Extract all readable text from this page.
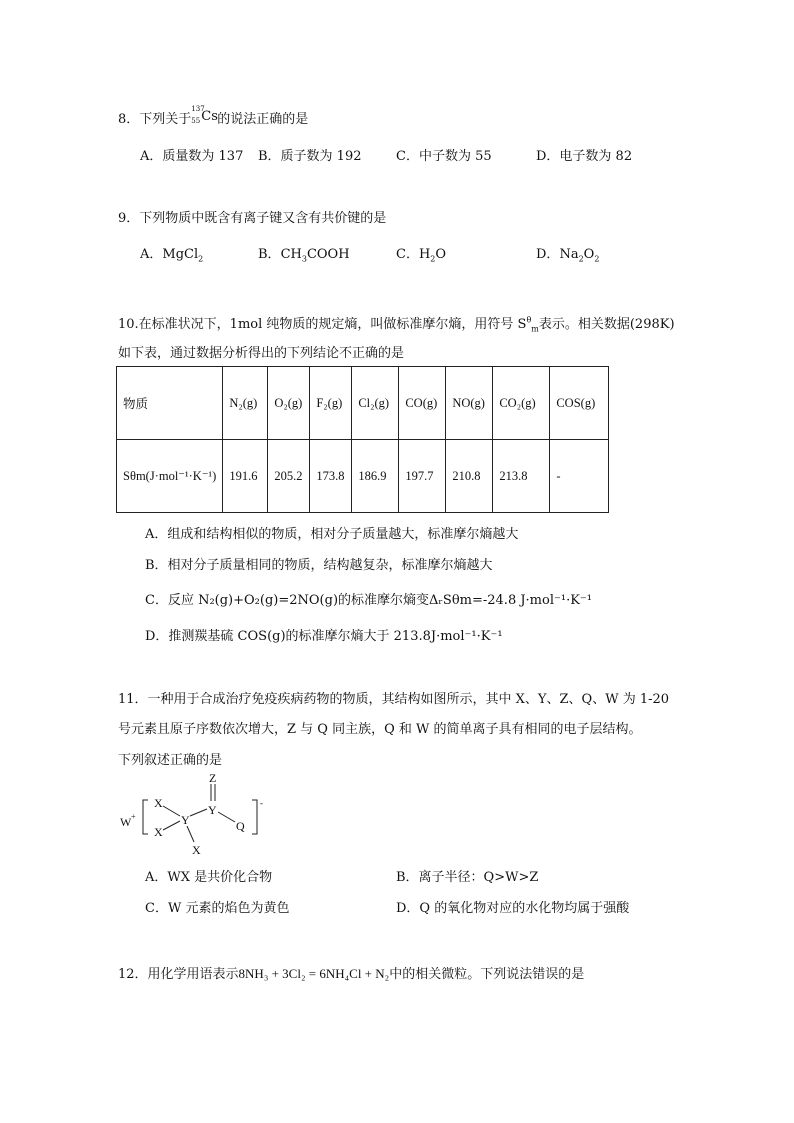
8．下列关于
137
55 Cs 的说法正确的是
A．质量数为 137 B．质子数为 192	C．中子数为 55	D．电子数为 82
9．下列物质中既含有离子键又含有共价键的是
A．MgCl$_2$	B．$CH_3COOH$	C．$H_2O$	D．$Na_2O_2$
10.在标准状况下，1mol 纯物质的规定熵，叫做标准摩尔熵，用符号 $S^\theta_m$表示。相关数据(298K)
如下表，通过数据分析得出的下列结论不正确的是
物质	N₂(g)	O₂(g)	F₂(g)	Cl₂(g)	CO(g)	NO(g)	CO₂(g)	COS(g)
Sθm(J·mol⁻¹·K⁻¹)	191.6	205.2	173.8	186.9	197.7	210.8	213.8	-
A．组成和结构相似的物质，相对分子质量越大，标准摩尔熵越大
B．相对分子质量相同的物质，结构越复杂，标准摩尔熵越大
C．反应 N₂(g)+O₂(g)=2NO(g)的标准摩尔熵变ΔᵣSθm=-24.8 J·mol⁻¹·K⁻¹
D．推测羰基硫 COS(g)的标准摩尔熵大于 213.8J·mol⁻¹·K⁻¹
11．一种用于合成治疗免疫疾病药物的物质，其结构如图所示，其中 X、Y、Z、Q、W 为 1-20
号元素且原子序数依次增大，Z 与 Q 同主族，Q 和 W 的简单离子具有相同的电子层结构。
下列叙述正确的是
W +
-
X
X
Y
Y
Z
Q
X
A．WX 是共价化合物	B．离子半径：Q>W>Z
C．W 元素的焰色为黄色	D．Q 的氧化物对应的水化物均属于强酸
12．用化学用语表示8NH₃ + 3Cl₂ = 6NH₄Cl + N₂中的相关微粒。下列说法错误的是
